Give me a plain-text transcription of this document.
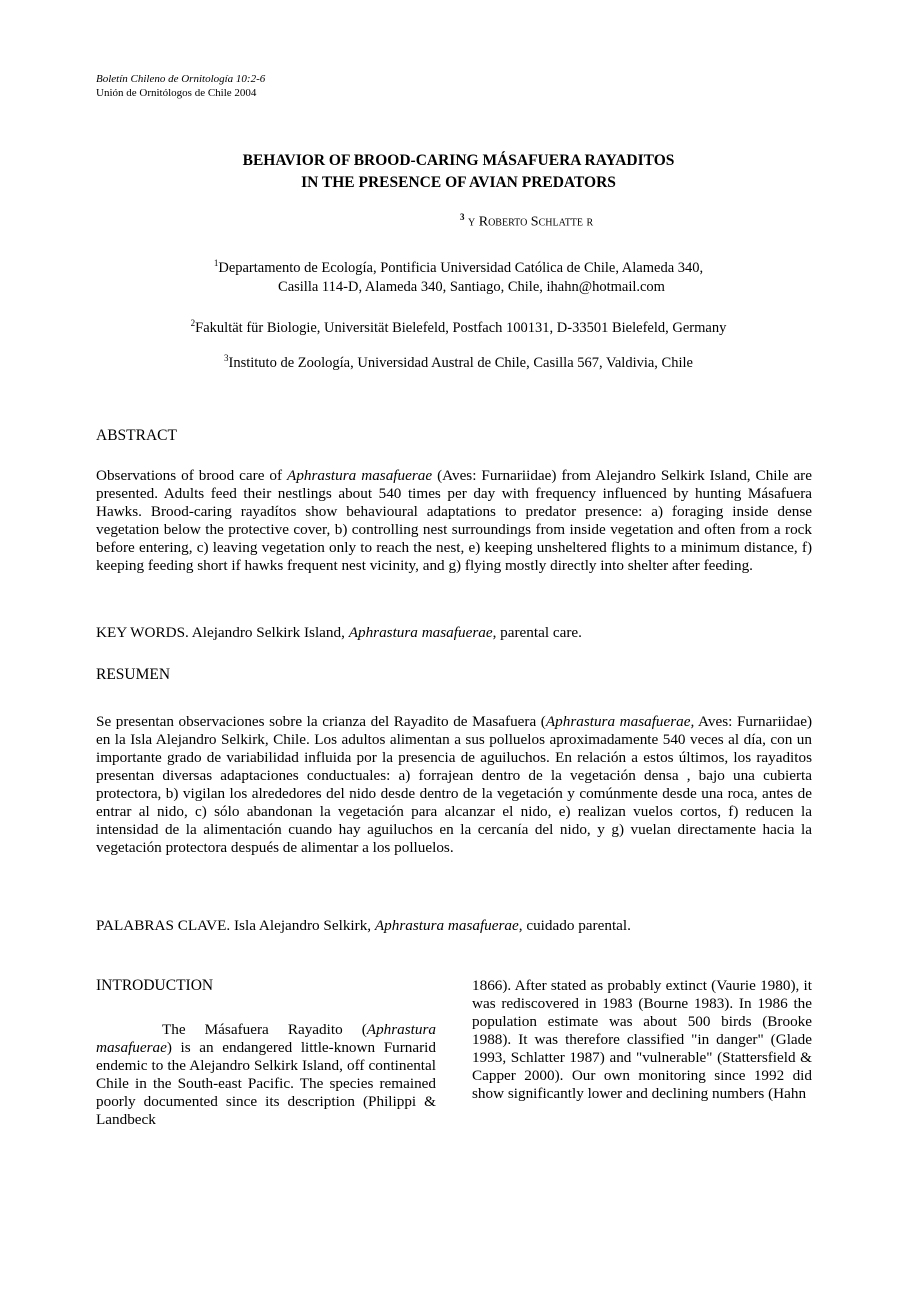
Boletín Chileno de Ornitología 10:2-6
Unión de Ornitólogos de Chile 2004
BEHAVIOR OF BROOD-CARING MÁSAFUERA RAYADITOS
IN THE PRESENCE OF AVIAN PREDATORS
$^3$ y Roberto Schlatte r
$^1$Departamento de Ecología, Pontificia Universidad Católica de Chile, Alameda 340,
Casilla 114-D, Alameda 340, Santiago, Chile, ihahn@hotmail.com
$^2$Fakultät für Biologie, Universität Bielefeld, Postfach 100131, D-33501 Bielefeld, Germany
$^3$Instituto de Zoología, Universidad Austral de Chile, Casilla 567, Valdivia, Chile
ABSTRACT
Observations of brood care of Aphrastura masafuerae (Aves: Furnariidae) from Alejandro Selkirk Island, Chile are presented. Adults feed their nestlings about 540 times per day with frequency influenced by hunting Másafuera Hawks. Brood-caring rayadítos show behavioural adaptations to predator presence: a) foraging inside dense vegetation below the protective cover, b) controlling nest surroundings from inside vegetation and often from a rock before entering, c) leaving vegetation only to reach the nest, e) keeping unsheltered flights to a minimum distance, f) keeping feeding short if hawks frequent nest vicinity, and g) flying mostly directly into shelter after feeding.
KEY WORDS. Alejandro Selkirk Island, Aphrastura masafuerae, parental care.
RESUMEN
Se presentan observaciones sobre la crianza del Rayadito de Masafuera (Aphrastura masafuerae, Aves: Furnariidae) en la Isla Alejandro Selkirk, Chile. Los adultos alimentan a sus polluelos aproximadamente 540 veces al día, con un importante grado de variabilidad influida por la presencia de aguiluchos. En relación a estos últimos, los rayaditos presentan diversas adaptaciones conductuales: a) forrajean dentro de la vegetación densa , bajo una cubierta protectora, b) vigilan los alrededores del nido desde dentro de la vegetación y comúnmente desde una roca, antes de entrar al nido, c) sólo abandonan la vegetación para alcanzar el nido, e) realizan vuelos cortos, f) reducen la intensidad de la alimentación cuando hay aguiluchos en la cercanía del nido, y g) vuelan directamente hacia la vegetación protectora después de alimentar a los polluelos.
PALABRAS CLAVE. Isla Alejandro Selkirk, Aphrastura masafuerae, cuidado parental.
INTRODUCTION
The Másafuera Rayadito (Aphrastura masafuerae) is an endangered little-known Furnarid endemic to the Alejandro Selkirk Island, off continental Chile in the South-east Pacific. The species remained poorly documented since its description (Philippi & Landbeck
1866). After stated as probably extinct (Vaurie 1980), it was rediscovered in 1983 (Bourne 1983). In 1986 the population estimate was about 500 birds (Brooke 1988). It was therefore classified "in danger" (Glade 1993, Schlatter 1987) and "vulnerable" (Stattersfield & Capper 2000). Our own monitoring since 1992 did show significantly lower and declining numbers (Hahn
